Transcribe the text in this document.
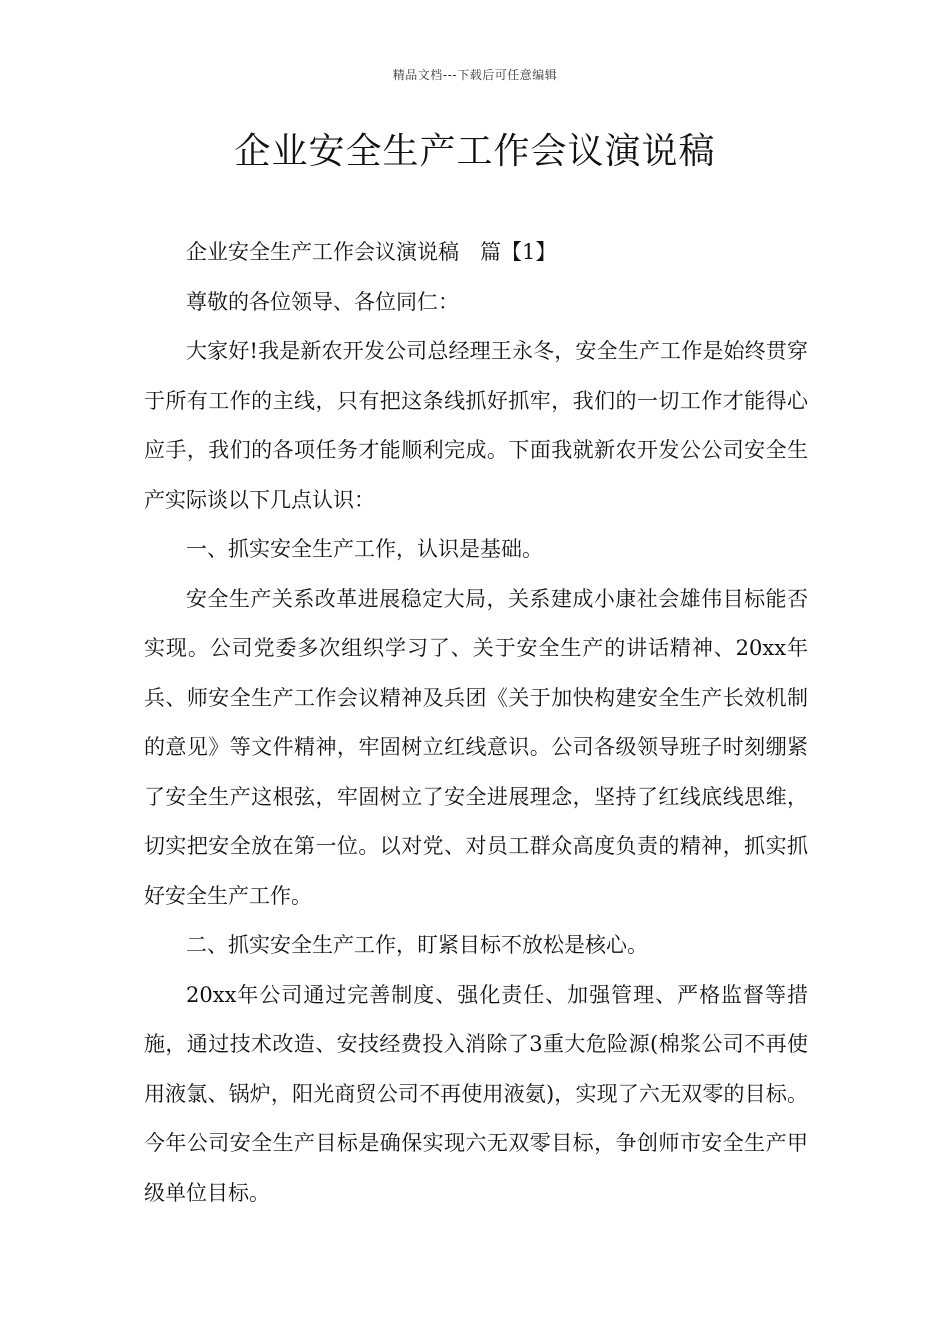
精品文档---下载后可任意编辑
企业安全生产工作会议演说稿

企业安全生产工作会议演说稿　篇【1】

尊敬的各位领导、各位同仁：

大家好!我是新农开发公司总经理王永冬，安全生产工作是始终贯穿于所有工作的主线，只有把这条线抓好抓牢，我们的一切工作才能得心应手，我们的各项任务才能顺利完成。下面我就新农开发公公司安全生产实际谈以下几点认识：

一、抓实安全生产工作，认识是基础。

安全生产关系改革进展稳定大局，关系建成小康社会雄伟目标能否实现。公司党委多次组织学习了、关于安全生产的讲话精神、20xx年兵、师安全生产工作会议精神及兵团《关于加快构建安全生产长效机制的意见》等文件精神，牢固树立红线意识。公司各级领导班子时刻绷紧了安全生产这根弦，牢固树立了安全进展理念，坚持了红线底线思维，切实把安全放在第一位。以对党、对员工群众高度负责的精神，抓实抓好安全生产工作。

二、抓实安全生产工作，盯紧目标不放松是核心。

20xx年公司通过完善制度、强化责任、加强管理、严格监督等措施，通过技术改造、安技经费投入消除了3重大危险源(棉浆公司不再使用液氯、锅炉，阳光商贸公司不再使用液氨)，实现了六无双零的目标。今年公司安全生产目标是确保实现六无双零目标，争创师市安全生产甲级单位目标。
